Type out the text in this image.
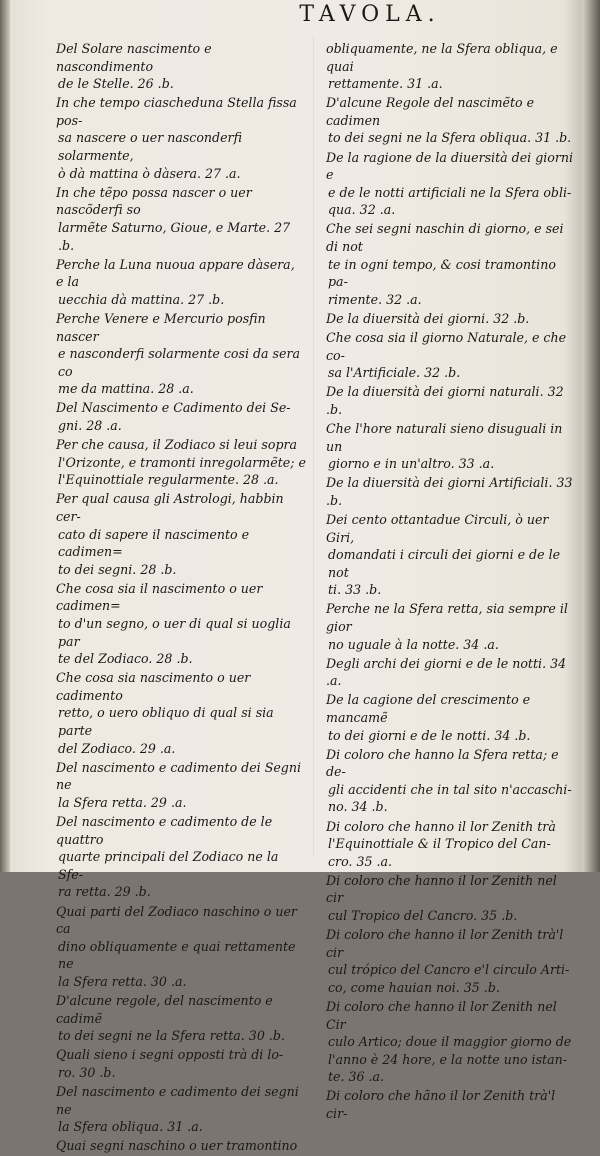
TAVOLA.
Del Solare nascimento e nascondimento
de le Stelle. 26 .b.
In che tempo ciascheduna Stella fissa pos-
sa nascere o uer nasconderfi solarmente,
ò dà mattina ò dàsera. 27 .a.
In che tẽpo possa nascer o uer nascõderfi so
larmẽte Saturno, Gioue, e Marte. 27 .b.
Perche la Luna nuoua appare dàsera, e la
uecchia dà mattina. 27 .b.
Perche Venere e Mercurio posfin nascer
e nasconderfi solarmente cosi da sera co
me da mattina. 28 .a.
Del Nascimento e Cadimento dei Se-
gni. 28 .a.
Per che causa, il Zodiaco si leui sopra
l'Orizonte, e tramonti inregolarmẽte; e
l'Equinottiale regularmente. 28 .a.
Per qual causa gli Astrologi, habbin cer-
cato di sapere il nascimento e cadimen=
to dei segni. 28 .b.
Che cosa sia il nascimento o uer cadimen=
to d'un segno, o uer di qual si uoglia par
te del Zodiaco. 28 .b.
Che cosa sia nascimento o uer cadimento
retto, o uero obliquo di qual si sia parte
del Zodiaco. 29 .a.
Del nascimento e cadimento dei Segni ne
la Sfera retta. 29 .a.
Del nascimento e cadimento de le quattro
quarte principali del Zodiaco ne la Sfe-
ra retta. 29 .b.
Quai parti del Zodiaco naschino o uer ca
dino obliquamente e quai rettamente ne
la Sfera retta. 30 .a.
D'alcune regole, del nascimento e cadimẽ
to dei segni ne la Sfera retta. 30 .b.
Quali sieno i segni opposti trà di lo-
ro. 30 .b.
Del nascimento e cadimento dei segni ne
la Sfera obliqua. 31 .a.
Quai segni naschino o uer tramontino
obliquamente, ne la Sfera obliqua, e quai
rettamente. 31 .a.
D'alcune Regole del nascimẽto e cadimen
to dei segni ne la Sfera obliqua. 31 .b.
De la ragione de la diuersità dei giorni e
e de le notti artificiali ne la Sfera obli-
qua. 32 .a.
Che sei segni naschin di giorno, e sei di not
te in ogni tempo, & cosi tramontino pa-
rimente. 32 .a.
De la diuersità dei giorni. 32 .b.
Che cosa sia il giorno Naturale, e che co-
sa l'Artificiale. 32 .b.
De la diuersità dei giorni naturali. 32 .b.
Che l'hore naturali sieno disuguali in un
giorno e in un'altro. 33 .a.
De la diuersità dei giorni Artificiali. 33 .b.
Dei cento ottantadue Circuli, ò uer Giri,
domandati i circuli dei giorni e de le not
ti. 33 .b.
Perche ne la Sfera retta, sia sempre il gior
no uguale à la notte. 34 .a.
Degli archi dei giorni e de le notti. 34 .a.
De la cagione del crescimento e mancamẽ
to dei giorni e de le notti. 34 .b.
Di coloro che hanno la Sfera retta; e de-
gli accidenti che in tal sito n'accaschi-
no. 34 .b.
Di coloro che hanno il lor Zenith trà
l'Equinottiale & il Tropico del Can-
cro. 35 .a.
Di coloro che hanno il lor Zenith nel cir
cul Tropico del Cancro. 35 .b.
Di coloro che hanno il lor Zenith trà'l cir
cul trópico del Cancro e'l circulo Arti-
co, come hauian noi. 35 .b.
Di coloro che hanno il lor Zenith nel Cir
culo Artico; doue il maggior giorno de
l'anno è 24 hore, e la notte uno istan-
te. 36 .a.
Di coloro che hãno il lor Zenith trà'l cir-
